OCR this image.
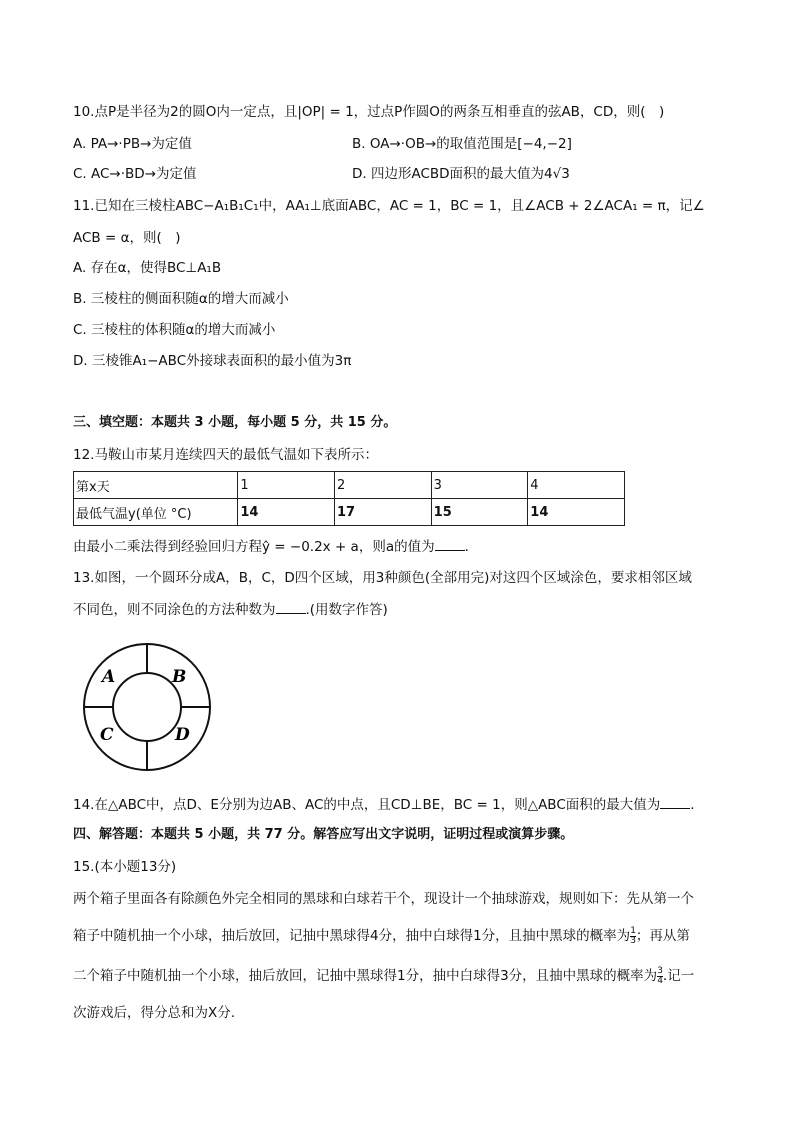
10.点P是半径为2的圆O内一定点，且|OP| = 1，过点P作圆O的两条互相垂直的弦AB，CD，则(　)
A. PA→·PB→为定值	B. OA→·OB→的取值范围是[−4,−2]
C. AC→·BD→为定值	D. 四边形ACBD面积的最大值为4√3
11.已知在三棱柱ABC−A₁B₁C₁中，AA₁⊥底面ABC，AC = 1，BC = 1，且∠ACB + 2∠ACA₁ = π，记∠
ACB = α，则(　)
A. 存在α，使得BC⊥A₁B
B. 三棱柱的侧面积随α的增大而减小
C. 三棱柱的体积随α的增大而减小
D. 三棱锥A₁−ABC外接球表面积的最小值为3π
三、填空题：本题共 3 小题，每小题 5 分，共 15 分。
12.马鞍山市某月连续四天的最低气温如下表所示：
第x天	1	2	3	4
最低气温y(单位 °C)	14	17	15	14
由最小二乘法得到经验回归方程ŷ = −0.2x + a，则a的值为 .
13.如图，一个圆环分成A，B，C，D四个区域，用3种颜色(全部用完)对这四个区域涂色，要求相邻区域
不同色，则不同涂色的方法种数为 .(用数字作答)
A	B
C	D
14.在△ABC中，点D、E分别为边AB、AC的中点，且CD⊥BE，BC = 1，则△ABC面积的最大值为 .
四、解答题：本题共 5 小题，共 77 分。解答应写出文字说明，证明过程或演算步骤。
15.(本小题13分)
两个箱子里面各有除颜色外完全相同的黑球和白球若干个，现设计一个抽球游戏，规则如下：先从第一个
箱子中随机抽一个小球，抽后放回，记抽中黑球得4分，抽中白球得1分，且抽中黑球的概率为 $\frac{1}{3}$ ；再从第
二个箱子中随机抽一个小球，抽后放回，记抽中黑球得1分，抽中白球得3分，且抽中黑球的概率为 $\frac{3}{4}$ .记一
次游戏后，得分总和为X分.
